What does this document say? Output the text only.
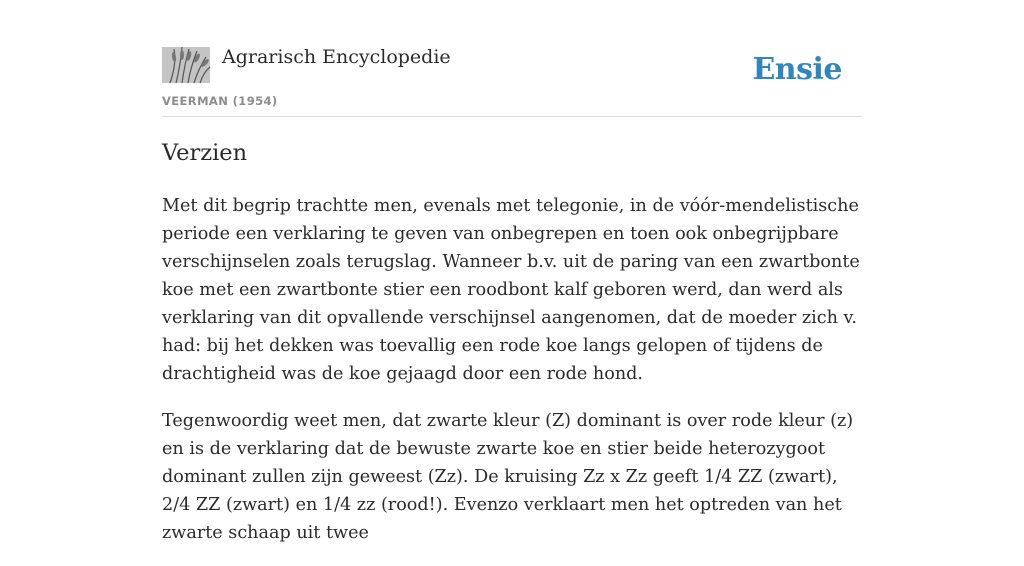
Agrarisch Encyclopedie
VEERMAN (1954)
Ensie
Verzien

Met dit begrip trachtte men, evenals met telegonie, in de vóór-mendelistische periode een verklaring te geven van onbegrepen en toen ook onbegrijpbare verschijnselen zoals terugslag. Wanneer b.v. uit de paring van een zwartbonte koe met een zwartbonte stier een roodbont kalf geboren werd, dan werd als verklaring van dit opvallende verschijnsel aangenomen, dat de moeder zich v. had: bij het dekken was toevallig een rode koe langs gelopen of tijdens de drachtigheid was de koe gejaagd door een rode hond.

Tegenwoordig weet men, dat zwarte kleur (Z) dominant is over rode kleur (z) en is de verklaring dat de bewuste zwarte koe en stier beide heterozygoot dominant zullen zijn geweest (Zz). De kruising Zz x Zz geeft 1/4 ZZ (zwart), 2/4 ZZ (zwart) en 1/4 zz (rood!). Evenzo verklaart men het optreden van het zwarte schaap uit twee
